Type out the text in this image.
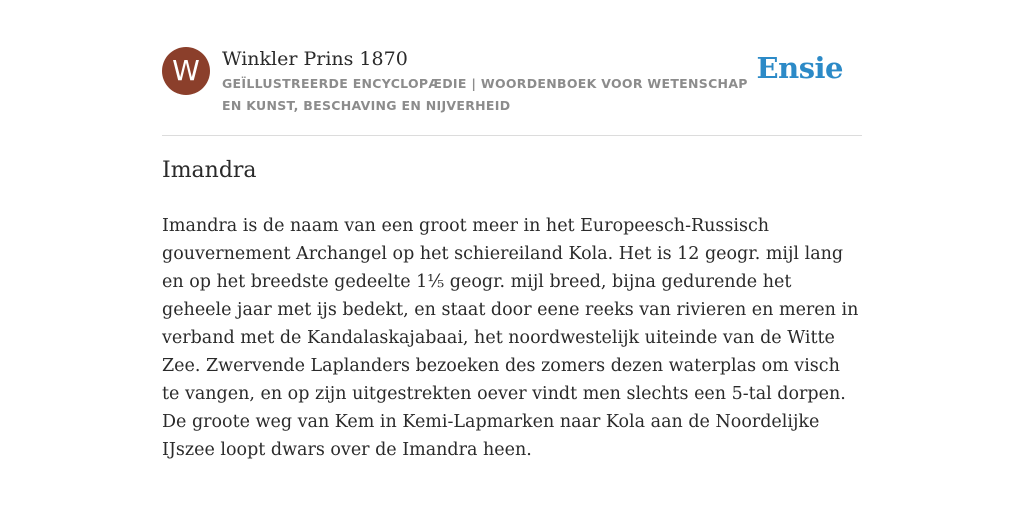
W	Winkler Prins 1870
GEÏLLUSTREERDE ENCYCLOPÆDIE | WOORDENBOEK VOOR WETENSCHAP EN KUNST, BESCHAVING EN NIJVERHEID
Ensie
Imandra

Imandra is de naam van een groot meer in het Europeesch-Russisch gouvernement Archangel op het schiereiland Kola. Het is 12 geogr. mijl lang en op het breedste gedeelte 1⅕ geogr. mijl breed, bijna gedurende het geheele jaar met ijs bedekt, en staat door eene reeks van rivieren en meren in verband met de Kandalaskajabaai, het noordwestelijk uiteinde van de Witte Zee. Zwervende Laplanders bezoeken des zomers dezen waterplas om visch te vangen, en op zijn uitgestrekten oever vindt men slechts een 5-tal dorpen. De groote weg van Kem in Kemi-Lapmarken naar Kola aan de Noordelijke IJszee loopt dwars over de Imandra heen.
